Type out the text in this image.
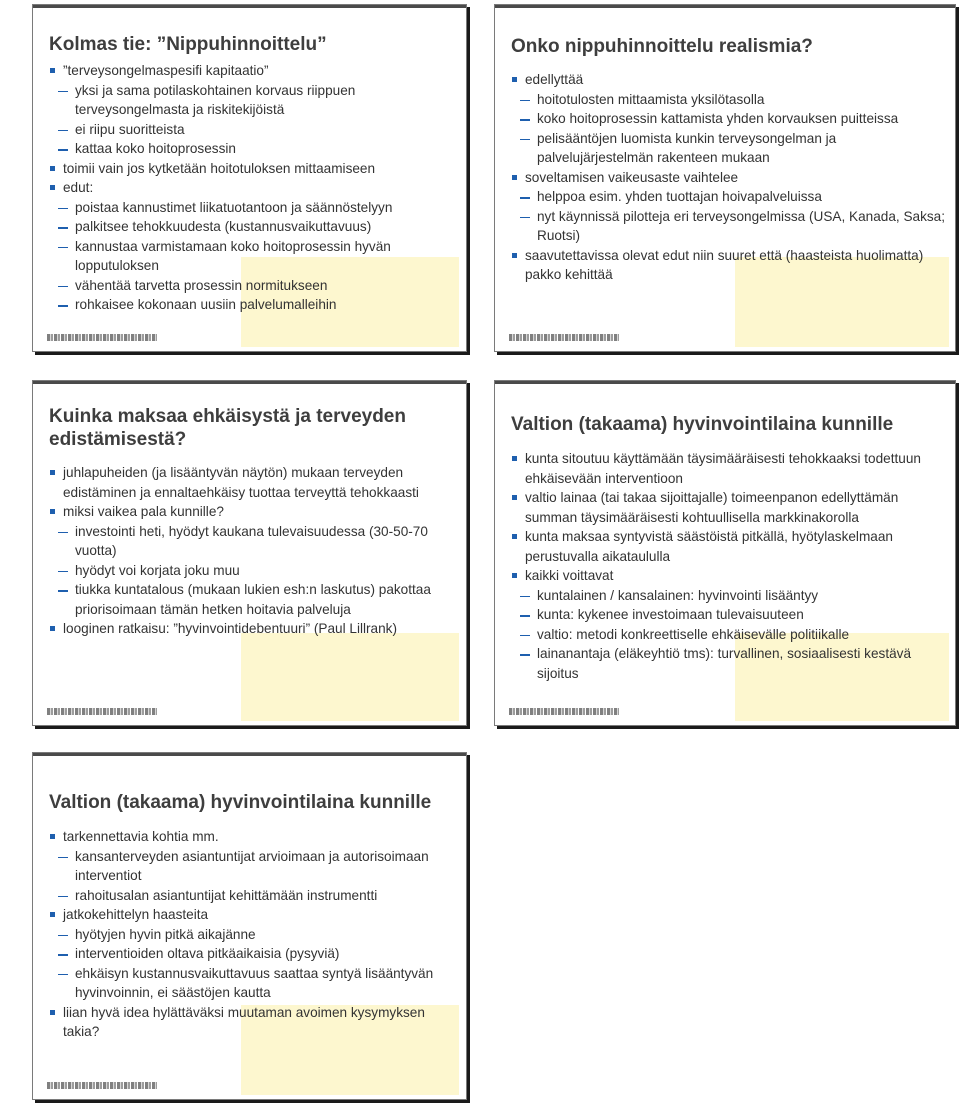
Kolmas tie: ”Nippuhinnoittelu”
”terveysongelmaspesifi kapitaatio”
yksi ja sama potilaskohtainen korvaus riippuen terveysongelmasta ja riskitekijöistä
ei riipu suoritteista
kattaa koko hoitoprosessin
toimii vain jos kytketään hoitotuloksen mittaamiseen
edut:
poistaa kannustimet liikatuotantoon ja säännöstelyyn
palkitsee tehokkuudesta (kustannusvaikuttavuus)
kannustaa varmistamaan koko hoitoprosessin hyvän lopputuloksen
vähentää tarvetta prosessin normitukseen
rohkaisee kokonaan uusiin palvelumalleihin
Onko nippuhinnoittelu realismia?
edellyttää
hoitotulosten mittaamista yksilötasolla
koko hoitoprosessin kattamista yhden korvauksen puitteissa
pelisääntöjen luomista kunkin terveysongelman ja palvelujärjestelmän rakenteen mukaan
soveltamisen vaikeusaste vaihtelee
helppoa esim. yhden tuottajan hoivapalveluissa
nyt käynnissä pilotteja eri terveysongelmissa (USA, Kanada, Saksa; Ruotsi)
saavutettavissa olevat edut niin suuret että (haasteista huolimatta) pakko kehittää
Kuinka maksaa ehkäisystä ja terveyden edistämisestä?
juhlapuheiden (ja lisääntyvän näytön) mukaan terveyden edistäminen ja ennaltaehkäisy tuottaa terveyttä tehokkaasti
miksi vaikea pala kunnille?
investointi heti, hyödyt kaukana tulevaisuudessa (30-50-70 vuotta)
hyödyt voi korjata joku muu
tiukka kuntatalous (mukaan lukien esh:n laskutus) pakottaa priorisoimaan tämän hetken hoitavia palveluja
looginen ratkaisu: ”hyvinvointidebentuuri” (Paul Lillrank)
Valtion (takaama) hyvinvointilaina kunnille
kunta sitoutuu käyttämään täysimääräisesti tehokkaaksi todettuun ehkäisevään interventioon
valtio lainaa (tai takaa sijoittajalle) toimeenpanon edellyttämän summan täysimääräisesti kohtuullisella markkinakorolla
kunta maksaa syntyvistä säästöistä pitkällä, hyötylaskelmaan perustuvalla aikataululla
kaikki voittavat
kuntalainen / kansalainen: hyvinvointi lisääntyy
kunta: kykenee investoimaan tulevaisuuteen
valtio: metodi konkreettiselle ehkäisevälle politiikalle
lainanantaja (eläkeyhtiö tms): turvallinen, sosiaalisesti kestävä sijoitus
Valtion (takaama) hyvinvointilaina kunnille
tarkennettavia kohtia mm.
kansanterveyden asiantuntijat arvioimaan ja autorisoimaan interventiot
rahoitusalan asiantuntijat kehittämään instrumentti
jatkokehittelyn haasteita
hyötyjen hyvin pitkä aikajänne
interventioiden oltava pitkäaikaisia (pysyviä)
ehkäisyn kustannusvaikuttavuus saattaa syntyä lisääntyvän hyvinvoinnin, ei säästöjen kautta
liian hyvä idea hylättäväksi muutaman avoimen kysymyksen takia?
